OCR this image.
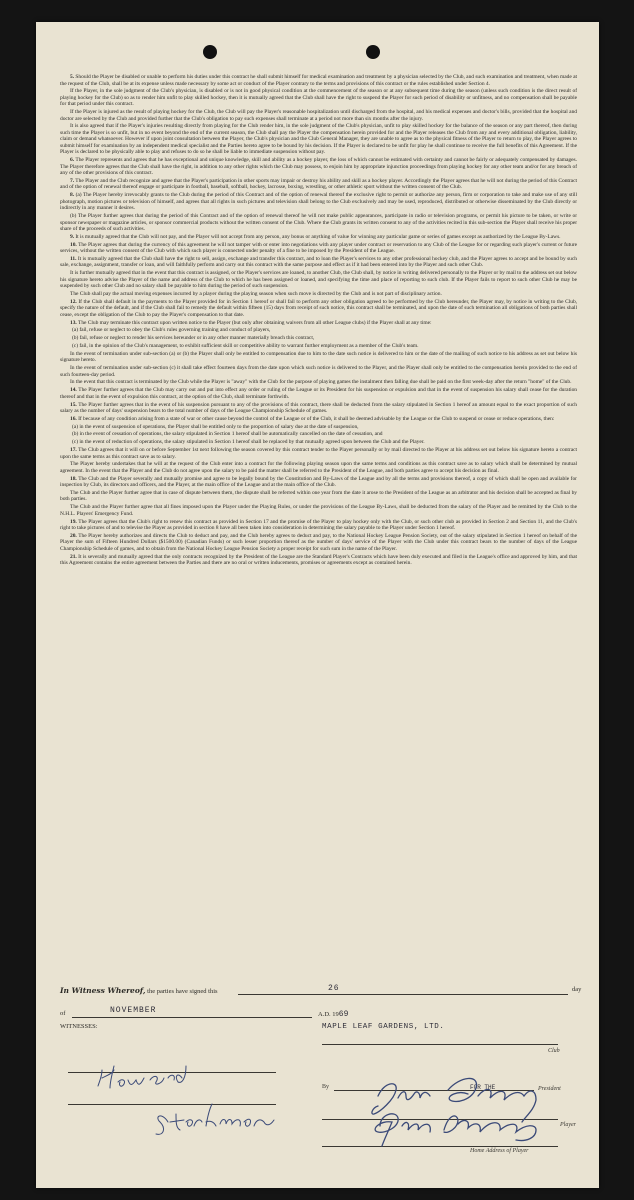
5. Should the Player be disabled or unable to perform his duties under this contract he shall submit himself for medical examination and treatment by a physician selected by the Club, and such examination and treatment, when made at the request of the Club, shall be at its expense unless made necessary by some act or conduct of the Player contrary to the terms and provisions of this contract or the rules established under Section 4.

If the Player, in the sole judgment of the Club's physician, is disabled or is not in good physical condition at the commencement of the season or at any subsequent time during the season (unless such condition is the direct result of playing hockey for the Club) so as to render him unfit to play skilled hockey, then it is mutually agreed that the Club shall have the right to suspend the Player for such period of disability or unfitness, and no compensation shall be payable for that period under this contract.

If the Player is injured as the result of playing hockey for the Club, the Club will pay the Player's reasonable hospitalization until discharged from the hospital, and his medical expenses and doctor's bills, provided that the hospital and doctor are selected by the Club and provided further that the Club's obligation to pay such expenses shall terminate at a period not more than six months after the injury.

It is also agreed that if the Player's injuries resulting directly from playing for the Club render him, in the sole judgment of the Club's physician, unfit to play skilled hockey for the balance of the season or any part thereof, then during such time the Player is so unfit, but in no event beyond the end of the current season, the Club shall pay the Player the compensation herein provided for and the Player releases the Club from any and every additional obligation, liability, claim or demand whatsoever. However if upon joint consultation between the Player, the Club's physician and the Club General Manager, they are unable to agree as to the physical fitness of the Player to return to play, the Player agrees to submit himself for examination by an independent medical specialist and the Parties hereto agree to be bound by his decision. If the Player is declared to be unfit for play he shall continue to receive the full benefits of this Agreement. If the Player is declared to be physically able to play and refuses to do so he shall be liable to immediate suspension without pay.

6. The Player represents and agrees that he has exceptional and unique knowledge, skill and ability as a hockey player, the loss of which cannot be estimated with certainty and cannot be fairly or adequately compensated by damages. The Player therefore agrees that the Club shall have the right, in addition to any other rights which the Club may possess, to enjoin him by appropriate injunction proceedings from playing hockey for any other team and/or for any breach of any of the other provisions of this contract.

7. The Player and the Club recognize and agree that the Player's participation in other sports may impair or destroy his ability and skill as a hockey player. Accordingly the Player agrees that he will not during the period of this Contract and of the option of renewal thereof engage or participate in football, baseball, softball, hockey, lacrosse, boxing, wrestling, or other athletic sport without the written consent of the Club.

8. (a) The Player hereby irrevocably grants to the Club during the period of this Contract and of the option of renewal thereof the exclusive right to permit or authorize any person, firm or corporation to take and make use of any still photograph, motion pictures or television of himself, and agrees that all rights in such pictures and television shall belong to the Club exclusively and may be used, reproduced, distributed or otherwise disseminated by the Club directly or indirectly in any manner it desires.

(b) The Player further agrees that during the period of this Contract and of the option of renewal thereof he will not make public appearances, participate in radio or television programs, or permit his picture to be taken, or write or sponsor newspaper or magazine articles, or sponsor commercial products without the written consent of the Club. Where the Club grants its written consent to any of the activities recited in this sub-section the Player shall receive his proper share of the proceeds of such activities.

9. It is mutually agreed that the Club will not pay, and the Player will not accept from any person, any bonus or anything of value for winning any particular game or series of games except as authorized by the League By-Laws.

10. The Player agrees that during the currency of this agreement he will not tamper with or enter into negotiations with any player under contract or reservation to any Club of the League for or regarding such player's current or future services, without the written consent of the Club with which such player is connected under penalty of a fine to be imposed by the President of the League.

11. It is mutually agreed that the Club shall have the right to sell, assign, exchange and transfer this contract, and to loan the Player's services to any other professional hockey club, and the Player agrees to accept and be bound by such sale, exchange, assignment, transfer or loan, and will faithfully perform and carry out this contract with the same purpose and effect as if it had been entered into by the Player and such other Club.

It is further mutually agreed that in the event that this contract is assigned, or the Player's services are loaned, to another Club, the Club shall, by notice in writing delivered personally to the Player or by mail to the address set out below his signature hereto advise the Player of the name and address of the Club to which he has been assigned or loaned, and specifying the time and place of reporting to such club. If the Player fails to report to such other Club he may be suspended by such other Club and no salary shall be payable to him during the period of such suspension.

The Club shall pay the actual moving expenses incurred by a player during the playing season when such move is directed by the Club and is not part of disciplinary action.

12. If the Club shall default in the payments to the Player provided for in Section 1 hereof or shall fail to perform any other obligation agreed to be performed by the Club hereunder, the Player may, by notice in writing to the Club, specify the nature of the default, and if the Club shall fail to remedy the default within fifteen (15) days from receipt of such notice, this contract shall be terminated, and upon the date of such termination all obligations of both parties shall cease, except the obligation of the Club to pay the Player's compensation to that date.

13. The Club may terminate this contract upon written notice to the Player (but only after obtaining waivers from all other League clubs) if the Player shall at any time:

(a) fail, refuse or neglect to obey the Club's rules governing training and conduct of players,

(b) fail, refuse or neglect to render his services hereunder or in any other manner materially breach this contract,

(c) fail, in the opinion of the Club's management, to exhibit sufficient skill or competitive ability to warrant further employment as a member of the Club's team.

In the event of termination under sub-section (a) or (b) the Player shall only be entitled to compensation due to him to the date such notice is delivered to him or the date of the mailing of such notice to his address as set out below his signature hereto.

In the event of termination under sub-section (c) it shall take effect fourteen days from the date upon which such notice is delivered to the Player, and the Player shall only be entitled to the compensation herein provided to the end of such fourteen-day period.

In the event that this contract is terminated by the Club while the Player is "away" with the Club for the purpose of playing games the instalment then falling due shall be paid on the first week-day after the return "home" of the Club.

14. The Player further agrees that the Club may carry out and put into effect any order or ruling of the League or its President for his suspension or expulsion and that in the event of suspension his salary shall cease for the duration thereof and that in the event of expulsion this contract, at the option of the Club, shall terminate forthwith.

15. The Player further agrees that in the event of his suspension pursuant to any of the provisions of this contract, there shall be deducted from the salary stipulated in Section 1 hereof an amount equal to the exact proportion of such salary as the number of days' suspension bears to the total number of days of the League Championship Schedule of games.

16. If because of any condition arising from a state of war or other cause beyond the control of the League or of the Club, it shall be deemed advisable by the League or the Club to suspend or cease or reduce operations, then:

(a) in the event of suspension of operations, the Player shall be entitled only to the proportion of salary due at the date of suspension,

(b) in the event of cessation of operations, the salary stipulated in Section 1 hereof shall be automatically cancelled on the date of cessation, and

(c) in the event of reduction of operations, the salary stipulated in Section 1 hereof shall be replaced by that mutually agreed upon between the Club and the Player.

17. The Club agrees that it will on or before September 1st next following the season covered by this contract tender to the Player personally or by mail directed to the Player at his address set out below his signature hereto a contract upon the same terms as this contract save as to salary.

The Player hereby undertakes that he will at the request of the Club enter into a contract for the following playing season upon the same terms and conditions as this contract save as to salary which shall be determined by mutual agreement. In the event that the Player and the Club do not agree upon the salary to be paid the matter shall be referred to the President of the League, and both parties agree to accept his decision as final.

18. The Club and the Player severally and mutually promise and agree to be legally bound by the Constitution and By-Laws of the League and by all the terms and provisions thereof, a copy of which shall be open and available for inspection by Club, its directors and officers, and the Player, at the main office of the League and at the main office of the Club.

The Club and the Player further agree that in case of dispute between them, the dispute shall be referred within one year from the date it arose to the President of the League as an arbitrator and his decision shall be accepted as final by both parties.

The Club and the Player further agree that all fines imposed upon the Player under the Playing Rules, or under the provisions of the League By-Laws, shall be deducted from the salary of the Player and be remitted by the Club to the N.H.L. Players' Emergency Fund.

19. The Player agrees that the Club's right to renew this contract as provided in Section 17 and the promise of the Player to play hockey only with the Club, or such other club as provided in Section 2 and Section 11, and the Club's right to take pictures of and to televise the Player as provided in section 8 have all been taken into consideration in determining the salary payable to the Player under Section 1 hereof.

20. The Player hereby authorizes and directs the Club to deduct and pay, and the Club hereby agrees to deduct and pay, to the National Hockey League Pension Society, out of the salary stipulated in Section 1 hereof on behalf of the Player the sum of Fifteen Hundred Dollars ($1500.00) (Canadian Funds) or such lesser proportion thereof as the number of days' service of the Player with the Club under this contract bears to the number of days of the League Championship Schedule of games, and to obtain from the National Hockey League Pension Society a proper receipt for such sum in the name of the Player.

21. It is severally and mutually agreed that the only contracts recognized by the President of the League are the Standard Player's Contracts which have been duly executed and filed in the League's office and approved by him, and that this Agreement contains the entire agreement between the Parties and there are no oral or written inducements, promises or agreements except as contained herein.

In Witness Whereof, the parties have signed this	26	day
of	NOVEMBER	A.D. 1969
WITNESSES:	MAPLE LEAF GARDENS, LTD.
Club
By	FOR THE	President
Player
Home Address of Player
